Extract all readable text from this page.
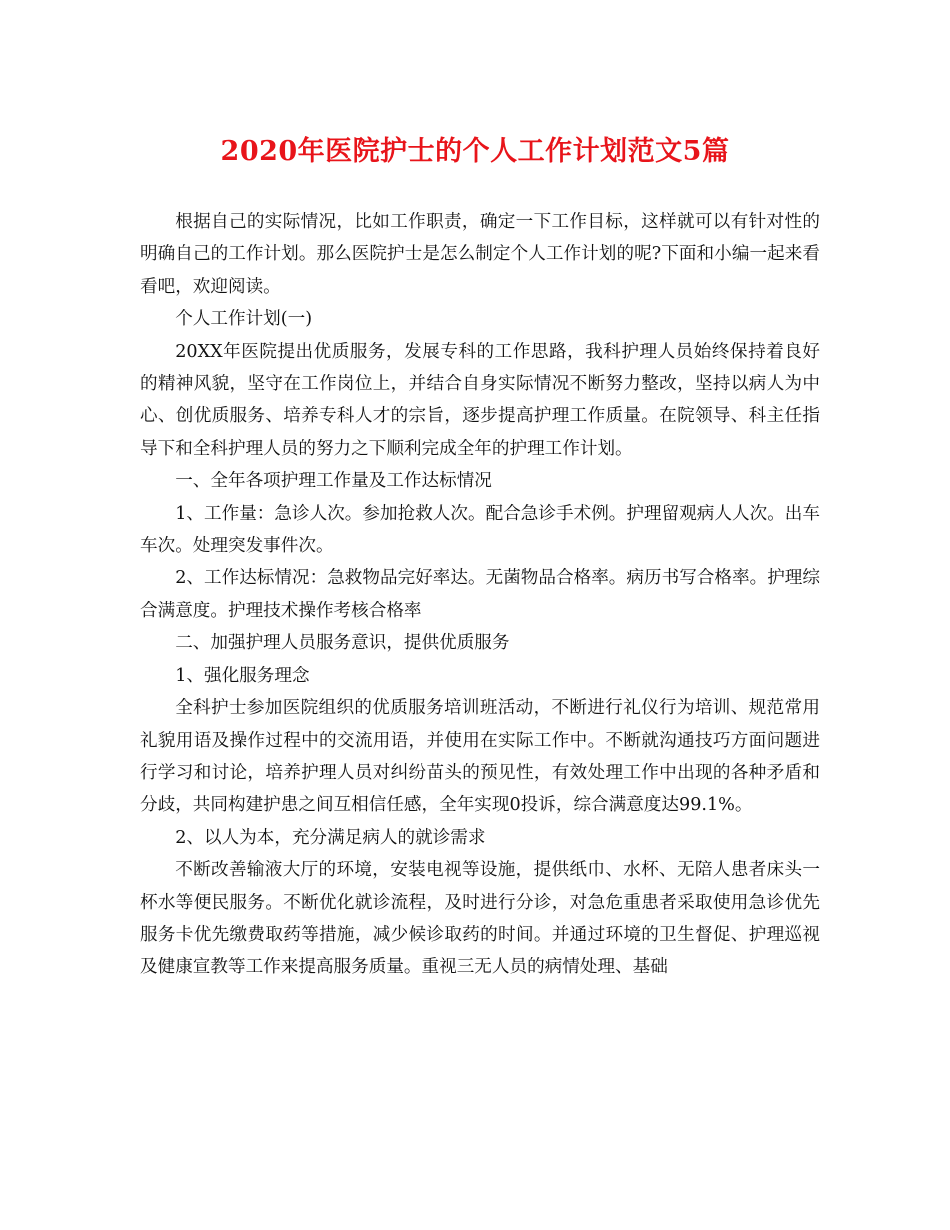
2020年医院护士的个人工作计划范文5篇

根据自己的实际情况，比如工作职责，确定一下工作目标，这样就可以有针对性的明确自己的工作计划。那么医院护士是怎么制定个人工作计划的呢?下面和小编一起来看看吧，欢迎阅读。

个人工作计划(一)

20XX年医院提出优质服务，发展专科的工作思路，我科护理人员始终保持着良好的精神风貌，坚守在工作岗位上，并结合自身实际情况不断努力整改，坚持以病人为中心、创优质服务、培养专科人才的宗旨，逐步提高护理工作质量。在院领导、科主任指导下和全科护理人员的努力之下顺利完成全年的护理工作计划。

一、全年各项护理工作量及工作达标情况

1、工作量：急诊人次。参加抢救人次。配合急诊手术例。护理留观病人人次。出车车次。处理突发事件次。

2、工作达标情况：急救物品完好率达。无菌物品合格率。病历书写合格率。护理综合满意度。护理技术操作考核合格率

二、加强护理人员服务意识，提供优质服务

1、强化服务理念

全科护士参加医院组织的优质服务培训班活动，不断进行礼仪行为培训、规范常用礼貌用语及操作过程中的交流用语，并使用在实际工作中。不断就沟通技巧方面问题进行学习和讨论，培养护理人员对纠纷苗头的预见性，有效处理工作中出现的各种矛盾和分歧，共同构建护患之间互相信任感，全年实现0投诉，综合满意度达99.1%。

2、以人为本，充分满足病人的就诊需求

不断改善输液大厅的环境，安装电视等设施，提供纸巾、水杯、无陪人患者床头一杯水等便民服务。不断优化就诊流程，及时进行分诊，对急危重患者采取使用急诊优先服务卡优先缴费取药等措施，减少候诊取药的时间。并通过环境的卫生督促、护理巡视及健康宣教等工作来提高服务质量。重视三无人员的病情处理、基础
